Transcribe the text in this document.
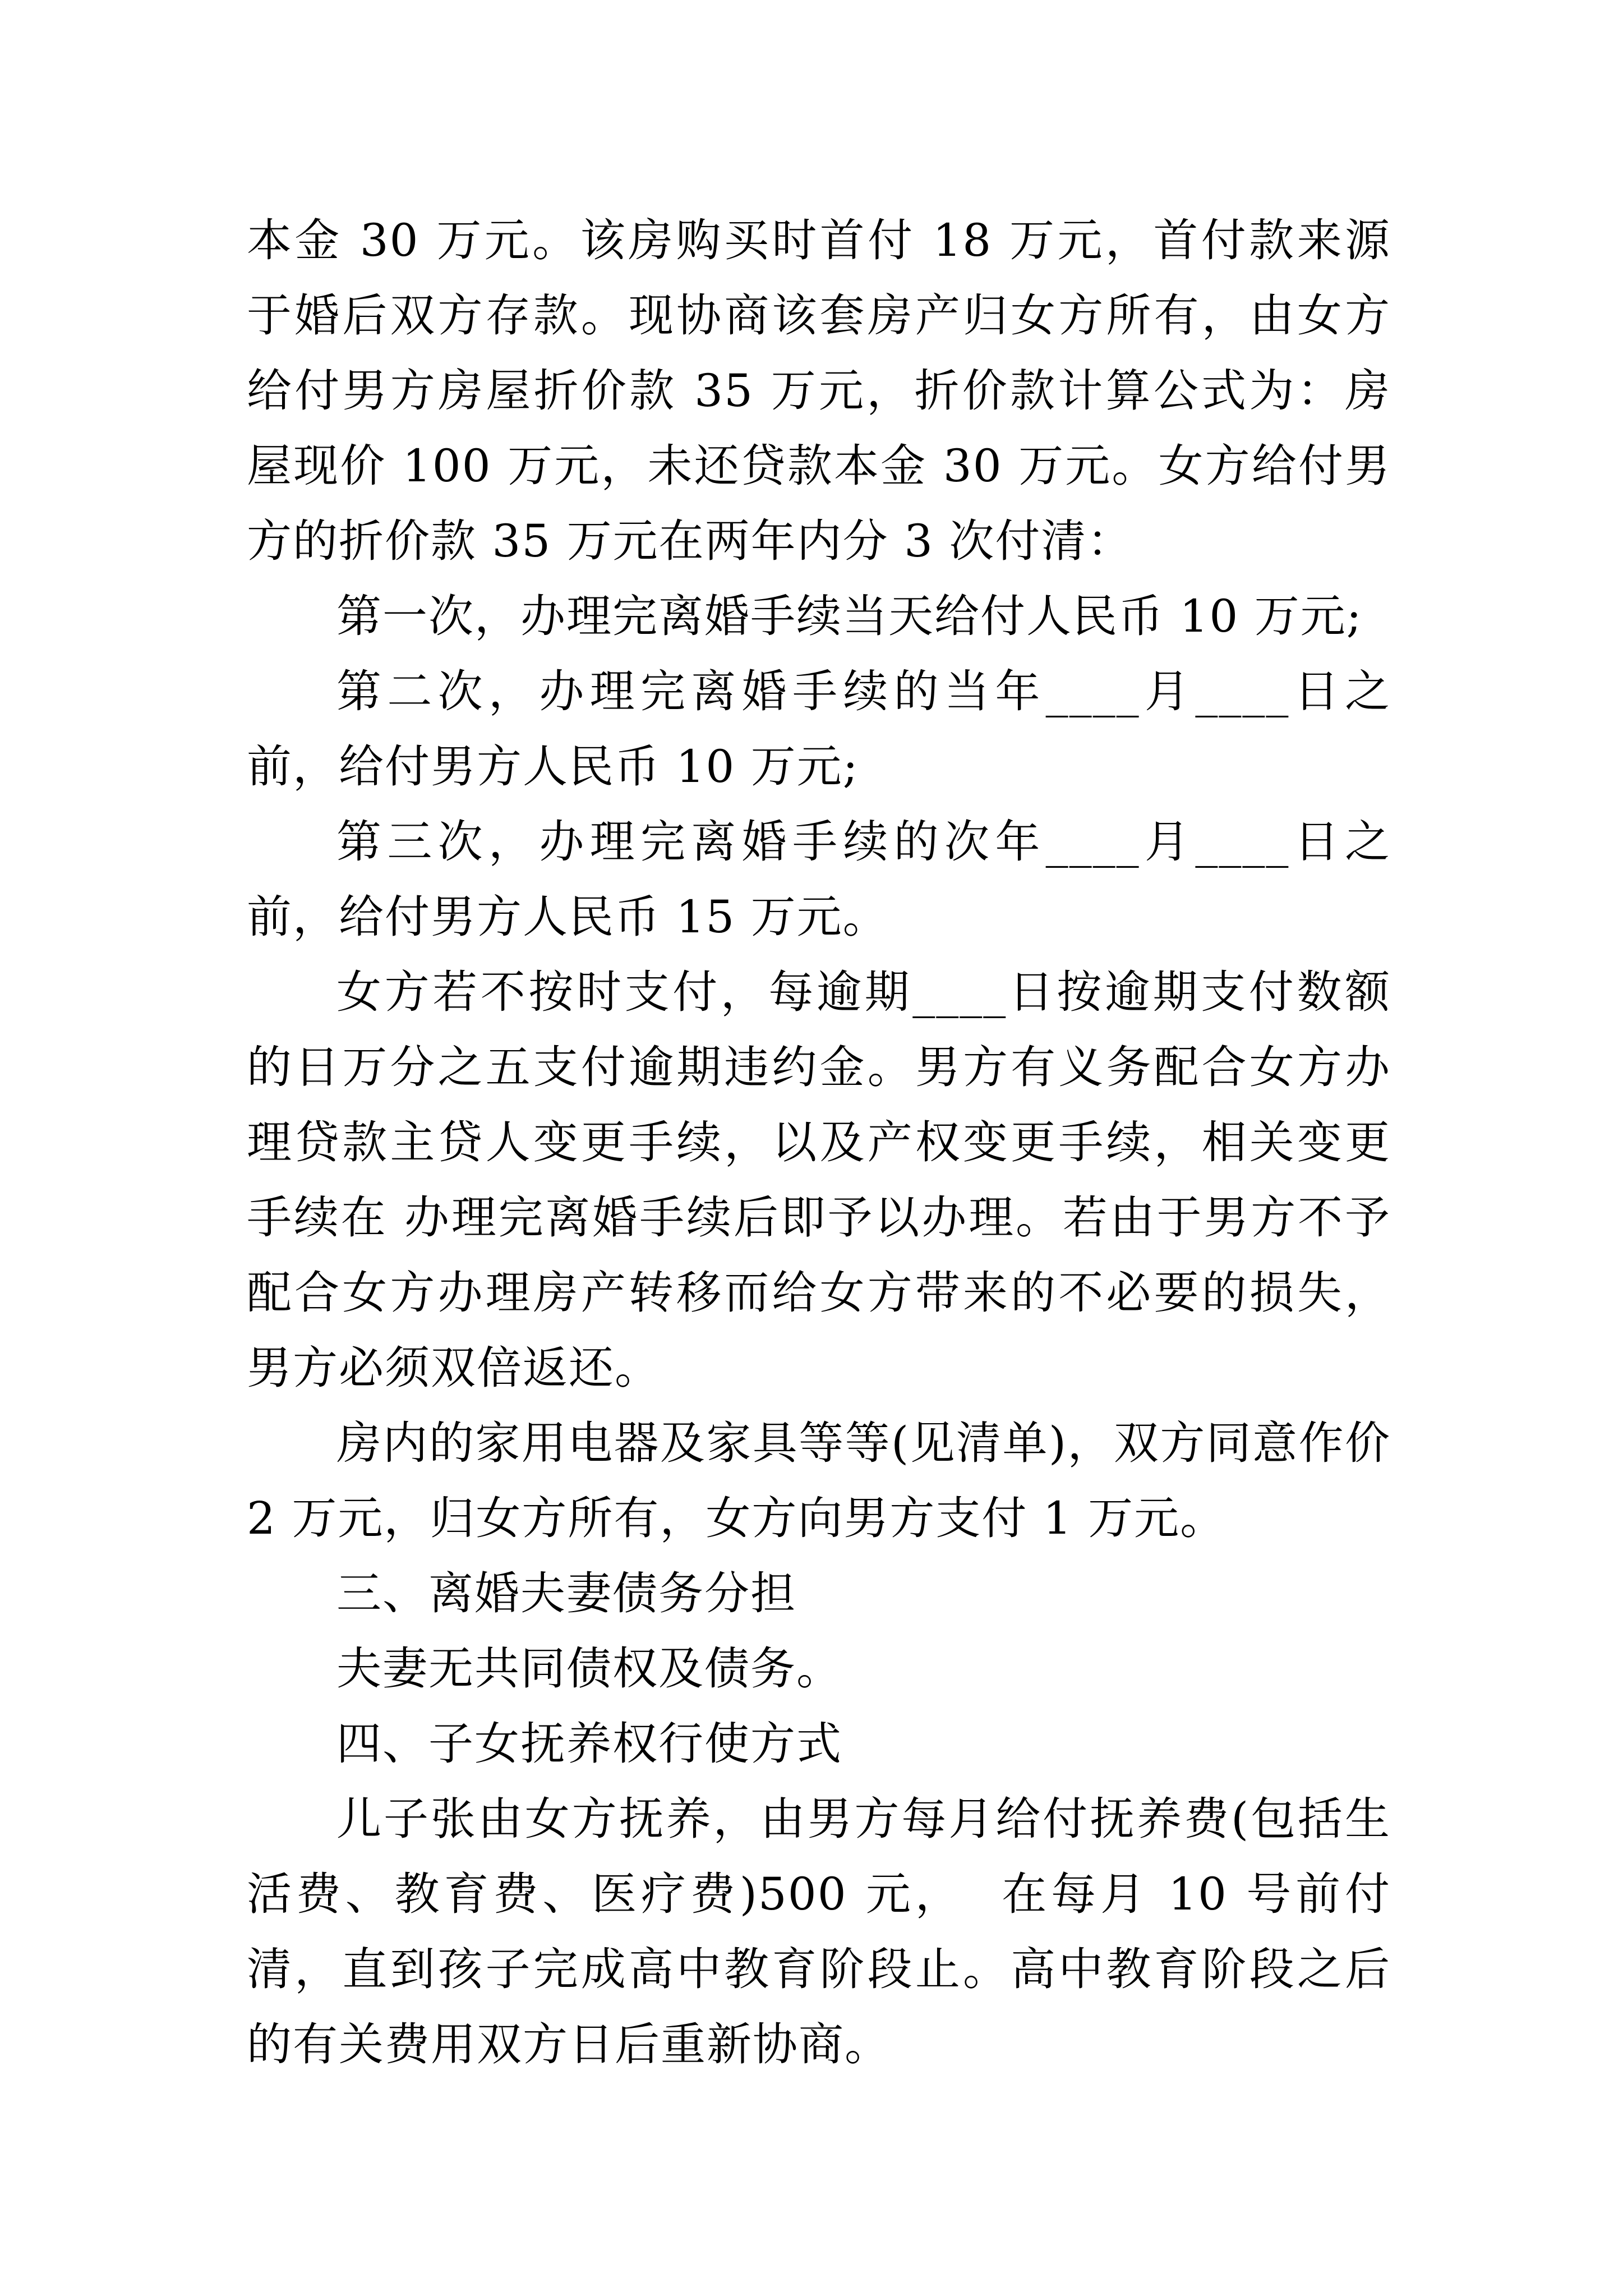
本金 30 万元。该房购买时首付 18 万元，首付款来源于婚后双方存款。现协商该套房产归女方所有，由女方给付男方房屋折价款 35 万元，折价款计算公式为：房屋现价 100 万元，未还贷款本金 30 万元。女方给付男方的折价款 35 万元在两年内分 3 次付清：

第一次，办理完离婚手续当天给付人民币 10 万元;

第二次，办理完离婚手续的当年____月____日之前，给付男方人民币 10 万元;

第三次，办理完离婚手续的次年____月____日之前，给付男方人民币 15 万元。

女方若不按时支付，每逾期____日按逾期支付数额的日万分之五支付逾期违约金。男方有义务配合女方办理贷款主贷人变更手续，以及产权变更手续，相关变更手续在 办理完离婚手续后即予以办理。若由于男方不予配合女方办理房产转移而给女方带来的不必要的损失，男方必须双倍返还。

房内的家用电器及家具等等(见清单)，双方同意作价 2 万元，归女方所有，女方向男方支付 1 万元。

三、离婚夫妻债务分担

夫妻无共同债权及债务。

四、子女抚养权行使方式

儿子张由女方抚养，由男方每月给付抚养费(包括生活费、教育费、医疗费)500 元，  在每月 10 号前付清，直到孩子完成高中教育阶段止。高中教育阶段之后的有关费用双方日后重新协商。
